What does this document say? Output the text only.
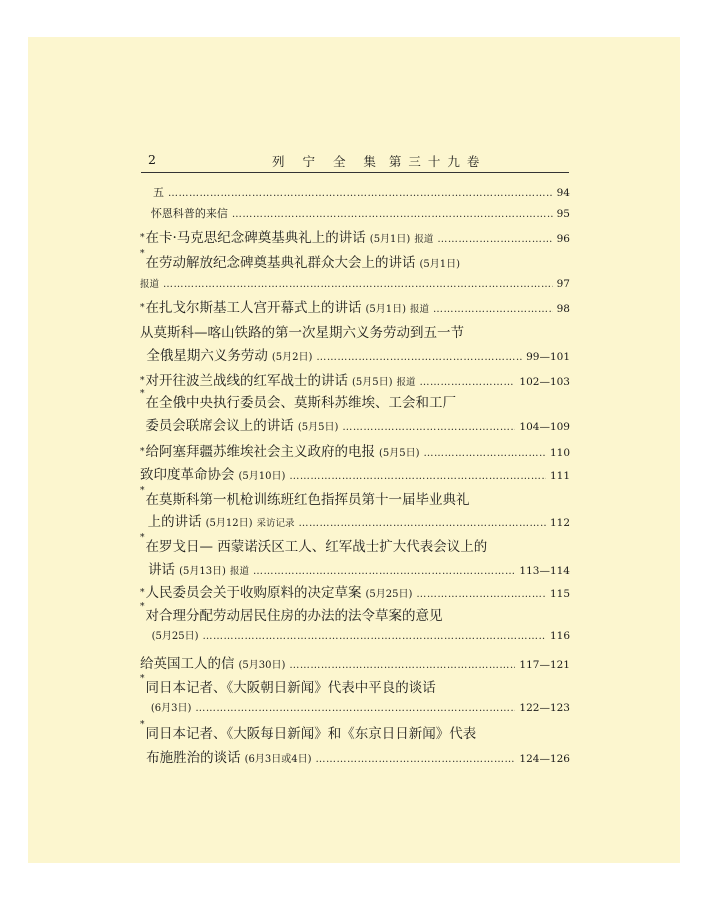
2	列 宁 全 集 第三十九卷
五 ……………………………………………………………………………………………………………………………………………………………………	94
怀恩科普的来信 ……………………………………………………………………………………………………………………………………………………………………	95
* 在卡·马克思纪念碑奠基典礼上的讲话 (5月1日) 报道 ……………………………………………………………………………………………………………………………………………………………………	96
*在劳动解放纪念碑奠基典礼群众大会上的讲话 (5月1日)
报道 ……………………………………………………………………………………………………………………………………………………………………	97
* 在扎戈尔斯基工人宫开幕式上的讲话 (5月1日) 报道 ……………………………………………………………………………………………………………………………………………………………………	98
从莫斯科—喀山铁路的第一次星期六义务劳动到五一节
全俄星期六义务劳动 (5月2日) ……………………………………………………………………………………………………………………………………………………………………	99—101
* 对开往波兰战线的红军战士的讲话 (5月5日) 报道 ……………………………………………………………………………………………………………………………………………………………………	102—103
*在全俄中央执行委员会、莫斯科苏维埃、工会和工厂
委员会联席会议上的讲话 (5月5日) ……………………………………………………………………………………………………………………………………………………………………	104—109
* 给阿塞拜疆苏维埃社会主义政府的电报 (5月5日) ……………………………………………………………………………………………………………………………………………………………………	110
致印度革命协会 (5月10日) ……………………………………………………………………………………………………………………………………………………………………	111
*在莫斯科第一机枪训练班红色指挥员第十一届毕业典礼
上的讲话 (5月12日) 采访记录 ……………………………………………………………………………………………………………………………………………………………………	112
*在罗戈日— 西蒙诺沃区工人、红军战士扩大代表会议上的
讲话 (5月13日) 报道 ……………………………………………………………………………………………………………………………………………………………………	113—114
* 人民委员会关于收购原料的决定草案 (5月25日) ……………………………………………………………………………………………………………………………………………………………………	115
*对合理分配劳动居民住房的办法的法令草案的意见
(5月25日) ……………………………………………………………………………………………………………………………………………………………………	116
给英国工人的信 (5月30日) ……………………………………………………………………………………………………………………………………………………………………	117—121
*同日本记者、《大阪朝日新闻》代表中平良的谈话
(6月3日) ……………………………………………………………………………………………………………………………………………………………………	122—123
*同日本记者、《大阪每日新闻》和《东京日日新闻》代表
布施胜治的谈话 (6月3日或4日) ……………………………………………………………………………………………………………………………………………………………………	124—126
